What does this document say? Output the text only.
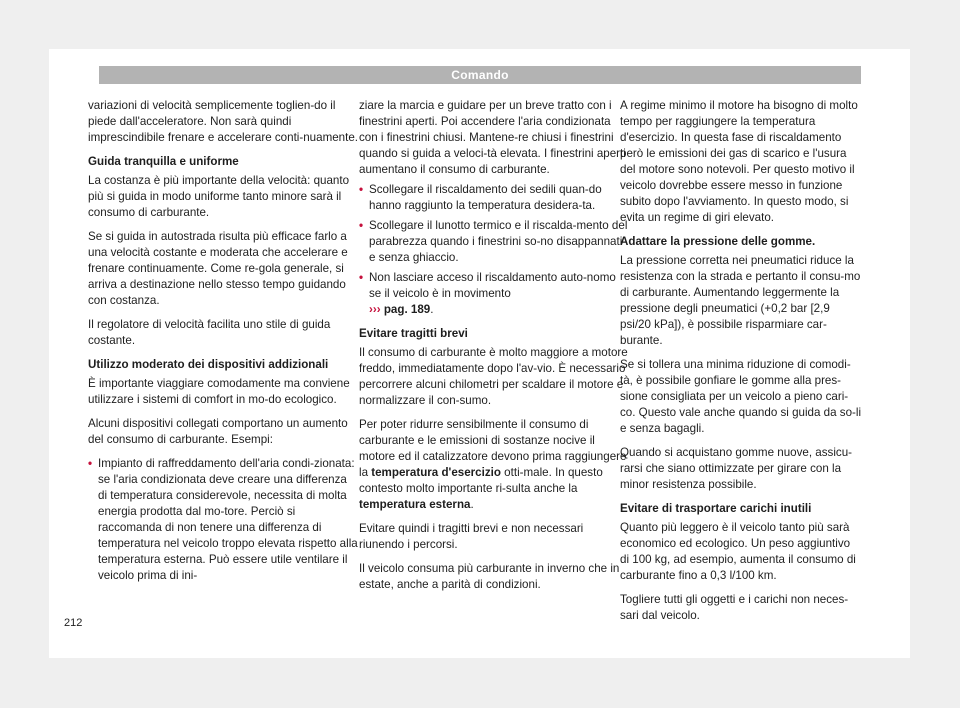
Comando

variazioni di velocità semplicemente toglien-do il piede dall'acceleratore. Non sarà quindi imprescindibile frenare e accelerare conti-nuamente.

Guida tranquilla e uniforme

La costanza è più importante della velocità: quanto più si guida in modo uniforme tanto minore sarà il consumo di carburante.

Se si guida in autostrada risulta più efficace farlo a una velocità costante e moderata che accelerare e frenare continuamente. Come re-gola generale, si arriva a destinazione nello stesso tempo guidando con costanza.

Il regolatore di velocità facilita uno stile di guida costante.

Utilizzo moderato dei dispositivi addizionali

È importante viaggiare comodamente ma conviene utilizzare i sistemi di comfort in mo-do ecologico.

Alcuni dispositivi collegati comportano un aumento del consumo di carburante. Esempi:

• Impianto di raffreddamento dell'aria condi-zionata: se l'aria condizionata deve creare una differenza di temperatura considerevole, necessita di molta energia prodotta dal mo-tore. Perciò si raccomanda di non tenere una differenza di temperatura nel veicolo troppo elevata rispetto alla temperatura esterna. Può essere utile ventilare il veicolo prima di ini-

ziare la marcia e guidare per un breve tratto con i finestrini aperti. Poi accendere l'aria condizionata con i finestrini chiusi. Mantene-re chiusi i finestrini quando si guida a veloci-tà elevata. I finestrini aperti aumentano il consumo di carburante.

• Scollegare il riscaldamento dei sedili quan-do hanno raggiunto la temperatura desidera-ta.
• Scollegare il lunotto termico e il riscalda-mento del parabrezza quando i finestrini so-no disappannati e senza ghiaccio.
• Non lasciare acceso il riscaldamento auto-nomo se il veicolo è in movimento
››› pag. 189.
Evitare tragitti brevi

Il consumo di carburante è molto maggiore a motore freddo, immediatamente dopo l'av-vio. È necessario percorrere alcuni chilometri per scaldare il motore e normalizzare il con-sumo.

Per poter ridurre sensibilmente il consumo di carburante e le emissioni di sostanze nocive il motore ed il catalizzatore devono prima raggiungere la temperatura d'esercizio otti-male. In questo contesto molto importante ri-sulta anche la temperatura esterna.

Evitare quindi i tragitti brevi e non necessari riunendo i percorsi.

Il veicolo consuma più carburante in inverno che in estate, anche a parità di condizioni.

A regime minimo il motore ha bisogno di molto tempo per raggiungere la temperatura d'esercizio. In questa fase di riscaldamento però le emissioni dei gas di scarico e l'usura del motore sono notevoli. Per questo motivo il veicolo dovrebbe essere messo in funzione subito dopo l'avviamento. In questo modo, si evita un regime di giri elevato.

Adattare la pressione delle gomme.

La pressione corretta nei pneumatici riduce la resistenza con la strada e pertanto il consu-mo di carburante. Aumentando leggermente la pressione degli pneumatici (+0,2 bar [2,9 psi/20 kPa]), è possibile risparmiare car-burante.

Se si tollera una minima riduzione di comodi-tà, è possibile gonfiare le gomme alla pres-sione consigliata per un veicolo a pieno cari-co. Questo vale anche quando si guida da so-li e senza bagagli.

Quando si acquistano gomme nuove, assicu-rarsi che siano ottimizzate per girare con la minor resistenza possibile.

Evitare di trasportare carichi inutili

Quanto più leggero è il veicolo tanto più sarà economico ed ecologico. Un peso aggiuntivo di 100 kg, ad esempio, aumenta il consumo di carburante fino a 0,3 l/100 km.

Togliere tutti gli oggetti e i carichi non neces-sari dal veicolo.

212
